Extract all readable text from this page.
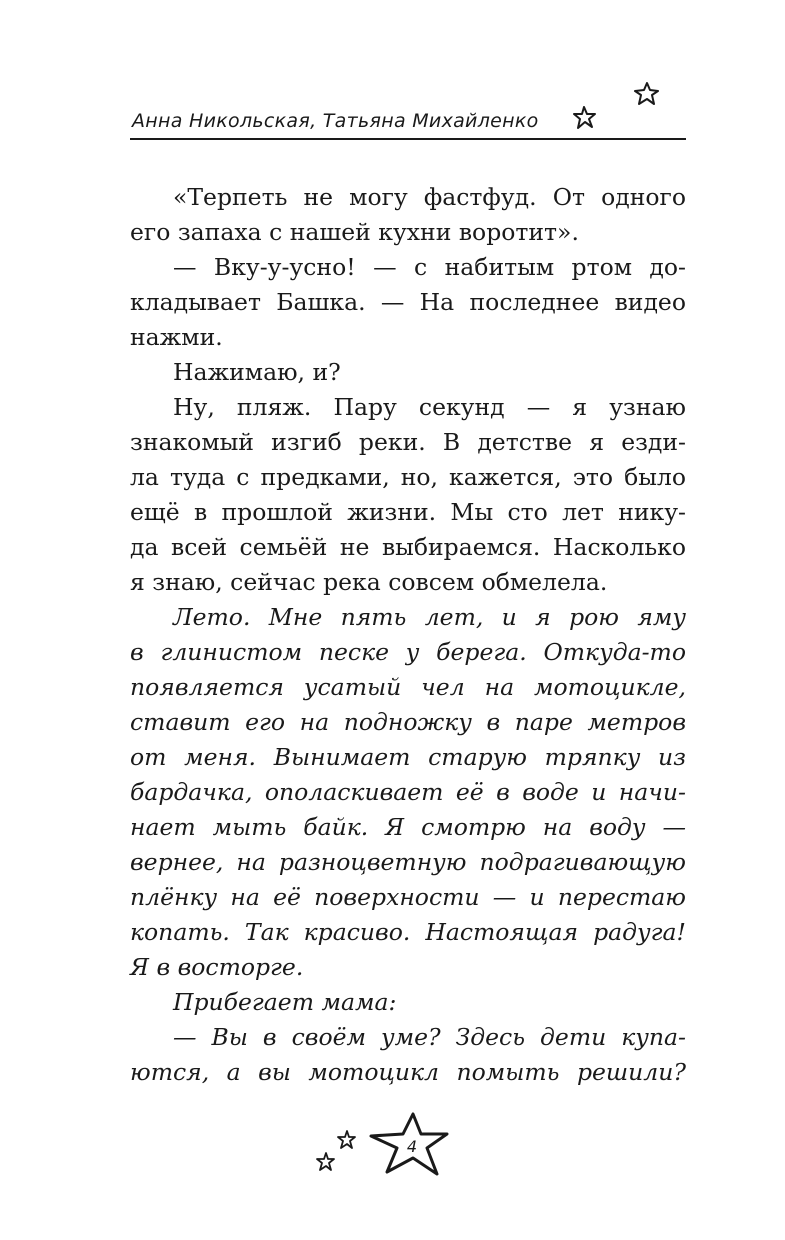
Анна Никольская, Татьяна Михайленко

«Терпеть не могу фастфуд. От одного
его запаха с нашей кухни воротит».

— Вку-у-усно! — с набитым ртом до-
кладывает Башка. — На последнее видео
нажми.

Нажимаю, и?

Ну, пляж. Пару секунд — я узнаю
знакомый изгиб реки. В детстве я езди-
ла туда с предками, но, кажется, это было
ещё в прошлой жизни. Мы сто лет нику-
да всей семьёй не выбираемся. Насколько
я знаю, сейчас река совсем обмелела.

Лето. Мне пять лет, и я рою яму
в глинистом песке у берега. Откуда-то
появляется усатый чел на мотоцикле,
ставит его на подножку в паре метров
от меня. Вынимает старую тряпку из
бардачка, ополаскивает её в воде и начи-
нает мыть байк. Я смотрю на воду —
вернее, на разноцветную подрагивающую
плёнку на её поверхности — и перестаю
копать. Так красиво. Настоящая радуга!
Я в восторге.

Прибегает мама:

— Вы в своём уме? Здесь дети купа-
ются, а вы мотоцикл помыть решили?

4
